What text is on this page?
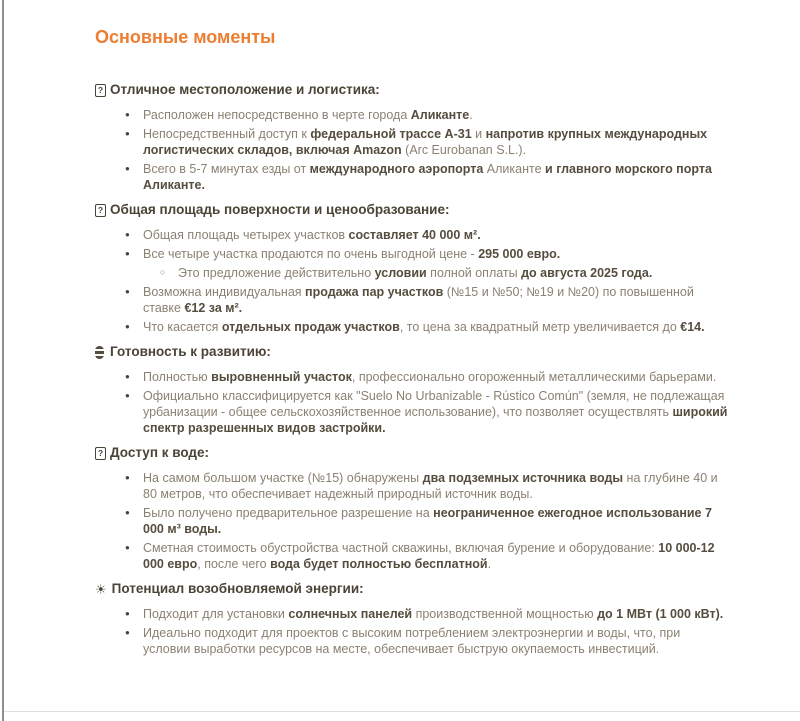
Основные моменты
? Отличное местоположение и логистика:
●	Расположен непосредственно в черте города Аликанте.
●	Непосредственный доступ к федеральной трассе A-31 и напротив крупных международных логистических складов, включая Amazon (Arc Eurobanan S.L.).
●	Всего в 5-7 минутах езды от международного аэропорта Аликанте и главного морского порта Аликанте.
? Общая площадь поверхности и ценообразование:
●	Общая площадь четырех участков составляет 40 000 м².
●	Все четыре участка продаются по очень выгодной цене - 295 000 евро.
○	Это предложение действительно условии полной оплаты до августа 2025 года.
●	Возможна индивидуальная продажа пар участков (№15 и №50; №19 и №20) по повышенной ставке €12 за м².
●	Что касается отдельных продаж участков, то цена за квадратный метр увеличивается до €14.
Готовность к развитию:
●	Полностью выровненный участок, профессионально огороженный металлическими барьерами.
●	Официально классифицируется как "Suelo No Urbanizable - Rústico Común" (земля, не подлежащая урбанизации - общее сельскохозяйственное использование), что позволяет осуществлять широкий спектр разрешенных видов застройки.
? Доступ к воде:
●	На самом большом участке (№15) обнаружены два подземных источника воды на глубине 40 и 80 метров, что обеспечивает надежный природный источник воды.
●	Было получено предварительное разрешение на неограниченное ежегодное использование 7 000 м³ воды.
●	Сметная стоимость обустройства частной скважины, включая бурение и оборудование: 10 000-12 000 евро, после чего вода будет полностью бесплатной.
☀ Потенциал возобновляемой энергии:
●	Подходит для установки солнечных панелей производственной мощностью до 1 МВт (1 000 кВт).
●	Идеально подходит для проектов с высоким потреблением электроэнергии и воды, что, при условии выработки ресурсов на месте, обеспечивает быструю окупаемость инвестиций.
